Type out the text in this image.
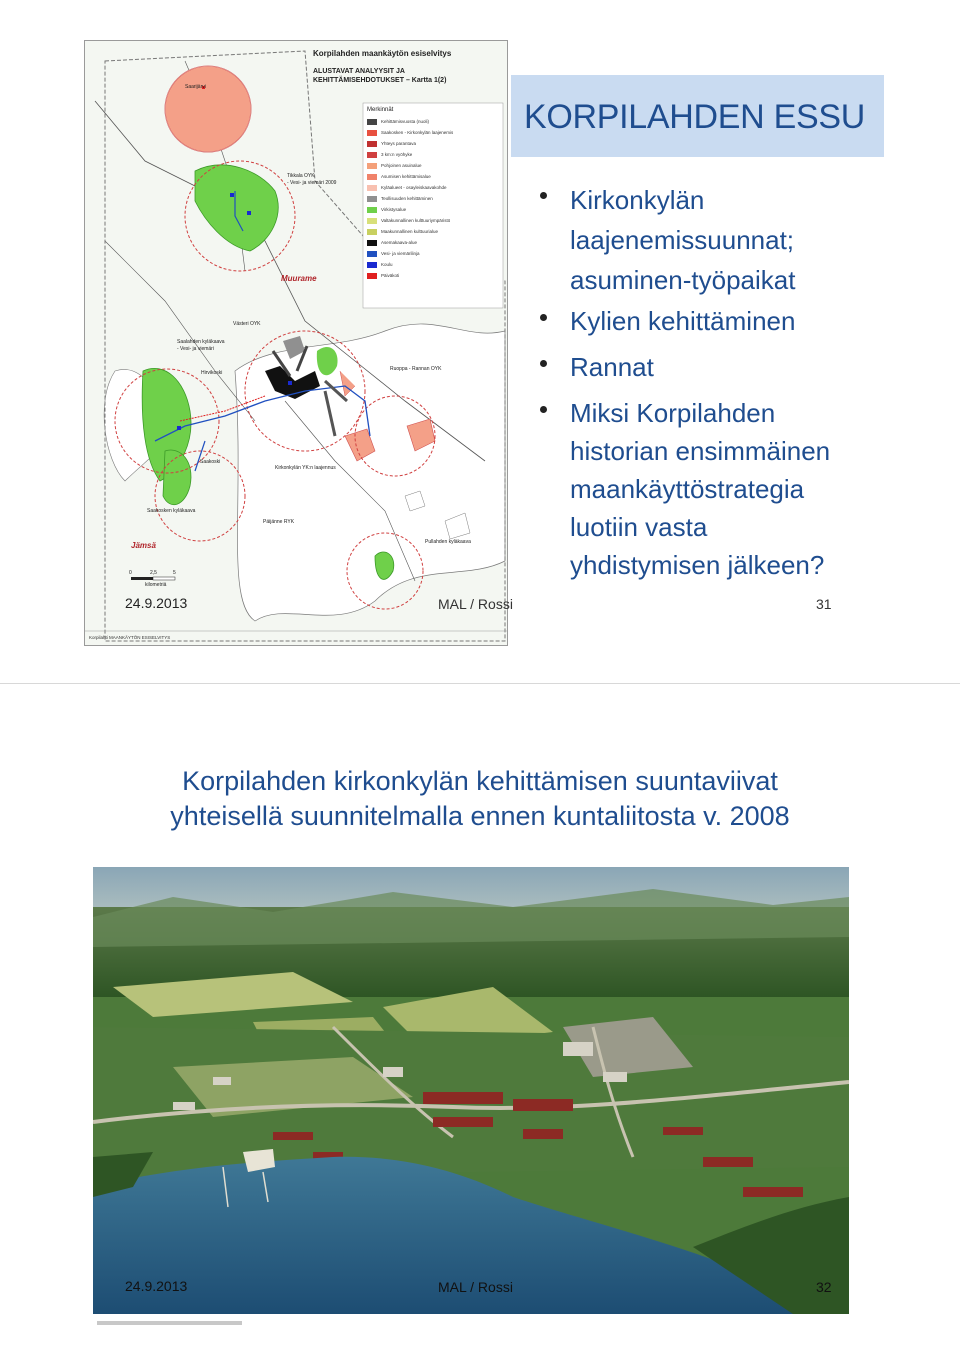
Korpilahden maankäytön esiselvitys
ALUSTAVAT ANALYYSIT JA
KEHITTÄMISEHDOTUKSET – Kartta 1(2)
Merkinnät
Kehittämisvuosta (nuoli)
Saakosken - Kirkonkylän laajenemis
Yhteys parantava
3 km:n vyöhyke
Pohjoinen asuinalue
Asumisen kehittämisalue
Kyläalueet - osayleiskaavakohde
Teollisuuden kehittäminen
Virkistysalue
Valtakunnallinen kulttuuriympäristö
Maakunnallinen kulttuurialue
Asemakaava-alue
Vesi- ja viemärilinja
Koulu
Päiväkoti
Saarijärvi
Tikkala OYK
- Vesi- ja viemäri 2009
Muurame
Västeri OYK
Saalahden kyläkaava
- Vesi- ja viemäri
Hirvikoski
Saakoski
Saakosken kyläkaava
Kirkonkylän YK:n laajennus
Päijänne RYK
Pullahden kyläkaava
Ruoppa - Rannan OYK
Jämsä
0	2,5	5
kilometriä
Korpilahti MAANKÄYTÖN ESISELVITYS
KORPILAHDEN ESSU
Kirkonkylän
laajenemissuunnat;
asuminen-työpaikat
Kylien kehittäminen
Rannat
Miksi Korpilahden
historian ensimmäinen
maankäyttöstrategia
luotiin vasta
yhdistymisen jälkeen?
24.9.2013	MAL / Rossi	31
Korpilahden kirkonkylän kehittämisen suuntaviivat
yhteisellä suunnitelmalla ennen kuntaliitosta v. 2008
24.9.2013	MAL / Rossi	32
